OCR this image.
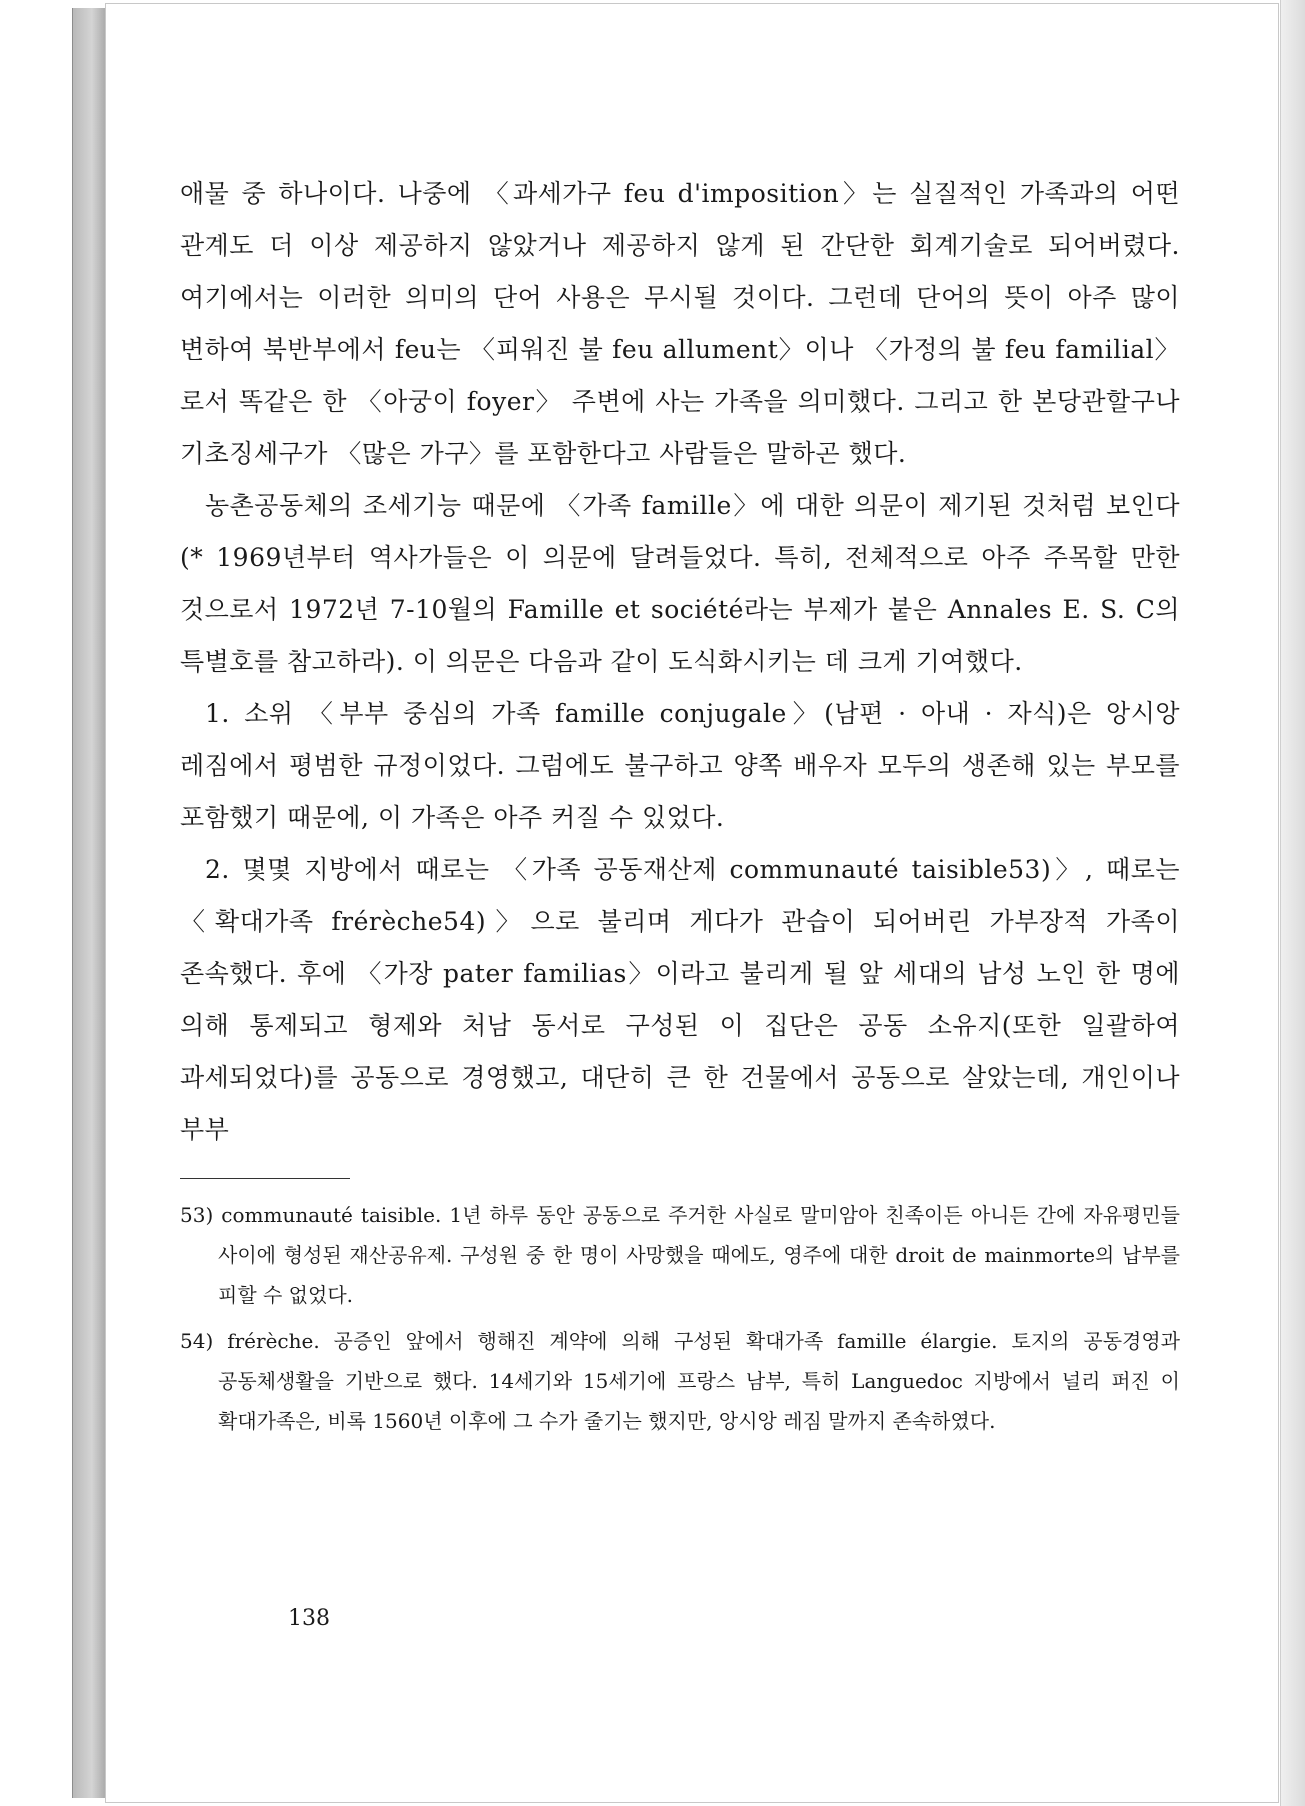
애물 중 하나이다. 나중에 〈과세가구 feu d'imposition〉는 실질적인 가족과의 어떤 관계도 더 이상 제공하지 않았거나 제공하지 않게 된 간단한 회계기술로 되어버렸다. 여기에서는 이러한 의미의 단어 사용은 무시될 것이다. 그런데 단어의 뜻이 아주 많이 변하여 북반부에서 feu는 〈피워진 불 feu allument〉이나 〈가정의 불 feu familial〉로서 똑같은 한 〈아궁이 foyer〉 주변에 사는 가족을 의미했다. 그리고 한 본당관할구나 기초징세구가 〈많은 가구〉를 포함한다고 사람들은 말하곤 했다.

농촌공동체의 조세기능 때문에 〈가족 famille〉에 대한 의문이 제기된 것처럼 보인다(* 1969년부터 역사가들은 이 의문에 달려들었다. 특히, 전체적으로 아주 주목할 만한 것으로서 1972년 7-10월의 Famille et société라는 부제가 붙은 Annales E. S. C의 특별호를 참고하라). 이 의문은 다음과 같이 도식화시키는 데 크게 기여했다.

1. 소위 〈부부 중심의 가족 famille conjugale〉(남편 · 아내 · 자식)은 앙시앙 레짐에서 평범한 규정이었다. 그럼에도 불구하고 양쪽 배우자 모두의 생존해 있는 부모를 포함했기 때문에, 이 가족은 아주 커질 수 있었다.

2. 몇몇 지방에서 때로는 〈가족 공동재산제 communauté taisible53)〉, 때로는 〈확대가족 frérèche54)〉으로 불리며 게다가 관습이 되어버린 가부장적 가족이 존속했다. 후에 〈가장 pater familias〉이라고 불리게 될 앞 세대의 남성 노인 한 명에 의해 통제되고 형제와 처남 동서로 구성된 이 집단은 공동 소유지(또한 일괄하여 과세되었다)를 공동으로 경영했고, 대단히 큰 한 건물에서 공동으로 살았는데, 개인이나 부부

53) communauté taisible. 1년 하루 동안 공동으로 주거한 사실로 말미암아 친족이든 아니든 간에 자유평민들 사이에 형성된 재산공유제. 구성원 중 한 명이 사망했을 때에도, 영주에 대한 droit de mainmorte의 납부를 피할 수 없었다.

54) frérèche. 공증인 앞에서 행해진 계약에 의해 구성된 확대가족 famille élargie. 토지의 공동경영과 공동체생활을 기반으로 했다. 14세기와 15세기에 프랑스 남부, 특히 Languedoc 지방에서 널리 퍼진 이 확대가족은, 비록 1560년 이후에 그 수가 줄기는 했지만, 앙시앙 레짐 말까지 존속하였다.

138
